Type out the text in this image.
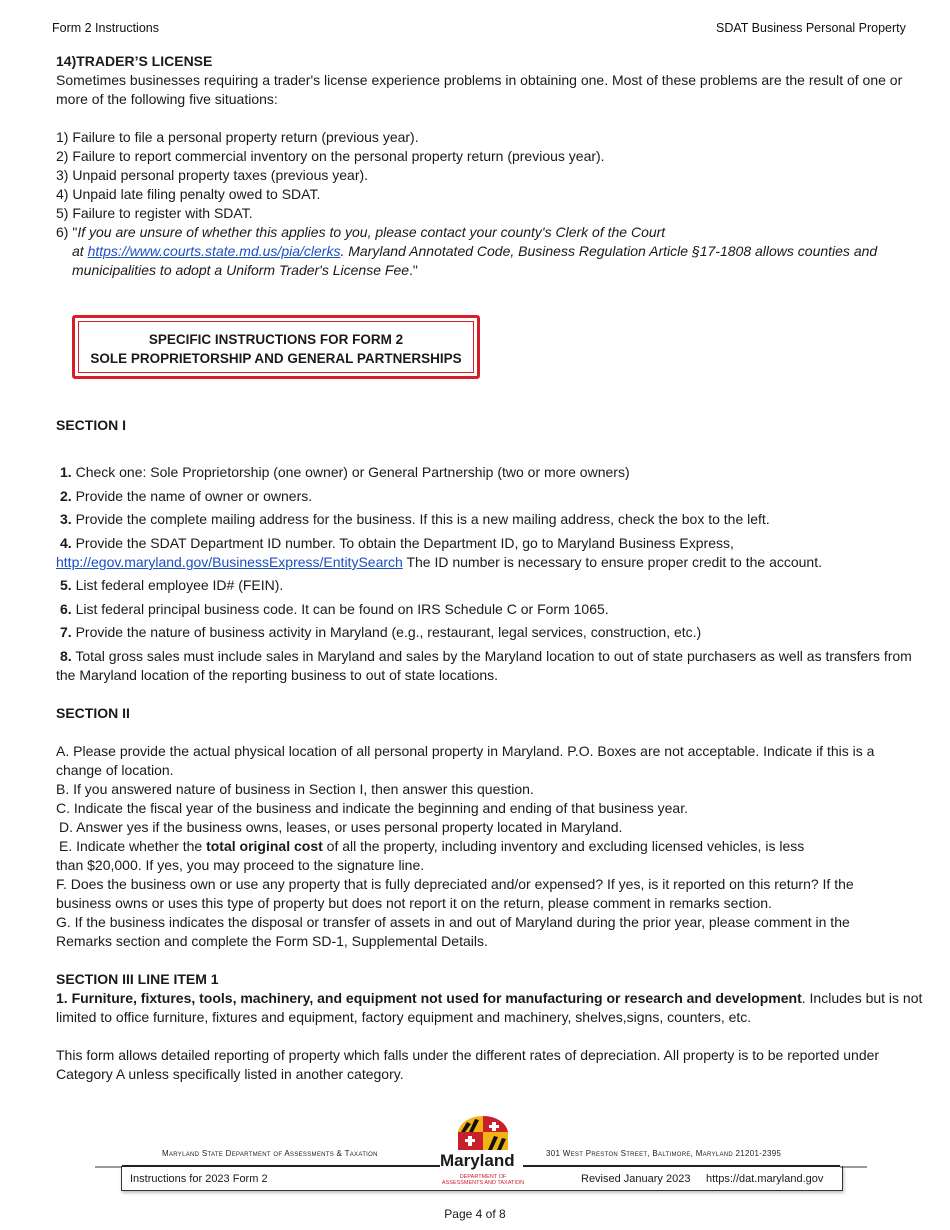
Form 2 Instructions	SDAT Business Personal Property
14)TRADER’S LICENSE
Sometimes businesses requiring a trader's license experience problems in obtaining one. Most of these problems are the result of one or
more of the following five situations:
1) Failure to file a personal property return (previous year).
2) Failure to report commercial inventory on the personal property return (previous year).
3) Unpaid personal property taxes (previous year).
4) Unpaid late filing penalty owed to SDAT.
5) Failure to register with SDAT.
6) "If you are unsure of whether this applies to you, please contact your county's Clerk of the Court
at https://www.courts.state.md.us/pia/clerks. Maryland Annotated Code, Business Regulation Article §17-1808 allows counties and
municipalities to adopt a Uniform Trader's License Fee."
SPECIFIC INSTRUCTIONS FOR FORM 2
SOLE PROPRIETORSHIP AND GENERAL PARTNERSHIPS
SECTION I
1. Check one: Sole Proprietorship (one owner) or General Partnership (two or more owners)
2. Provide the name of owner or owners.
3. Provide the complete mailing address for the business. If this is a new mailing address, check the box to the left.
4. Provide the SDAT Department ID number. To obtain the Department ID, go to Maryland Business Express,
http://egov.maryland.gov/BusinessExpress/EntitySearch The ID number is necessary to ensure proper credit to the account.
5. List federal employee ID# (FEIN).
6. List federal principal business code. It can be found on IRS Schedule C or Form 1065.
7. Provide the nature of business activity in Maryland (e.g., restaurant, legal services, construction, etc.)
8. Total gross sales must include sales in Maryland and sales by the Maryland location to out of state purchasers as well as transfers from
the Maryland location of the reporting business to out of state locations.
SECTION II
A. Please provide the actual physical location of all personal property in Maryland. P.O. Boxes are not acceptable. Indicate if this is a
change of location.
B. If you answered nature of business in Section I, then answer this question.
C. Indicate the fiscal year of the business and indicate the beginning and ending of that business year.
D. Answer yes if the business owns, leases, or uses personal property located in Maryland.
E. Indicate whether the total original cost of all the property, including inventory and excluding licensed vehicles, is less
than $20,000. If yes, you may proceed to the signature line.
F. Does the business own or use any property that is fully depreciated and/or expensed? If yes, is it reported on this return? If the
business owns or uses this type of property but does not report it on the return, please comment in remarks section.
G. If the business indicates the disposal or transfer of assets in and out of Maryland during the prior year, please comment in the
Remarks section and complete the Form SD-1, Supplemental Details.
SECTION III LINE ITEM 1
1. Furniture, fixtures, tools, machinery, and equipment not used for manufacturing or research and development. Includes but is not
limited to office furniture, fixtures and equipment, factory equipment and machinery, shelves,signs, counters, etc.
This form allows detailed reporting of property which falls under the different rates of depreciation. All property is to be reported under
Category A unless specifically listed in another category.
Maryland State Department of Assessments & Taxation	301 West Preston Street, Baltimore, Maryland 21201-2395
Maryland
DEPARTMENT OF ASSESSMENTS AND TAXATION
Instructions for 2023 Form 2	Revised January 2023 https://dat.maryland.gov
Page 4 of 8
